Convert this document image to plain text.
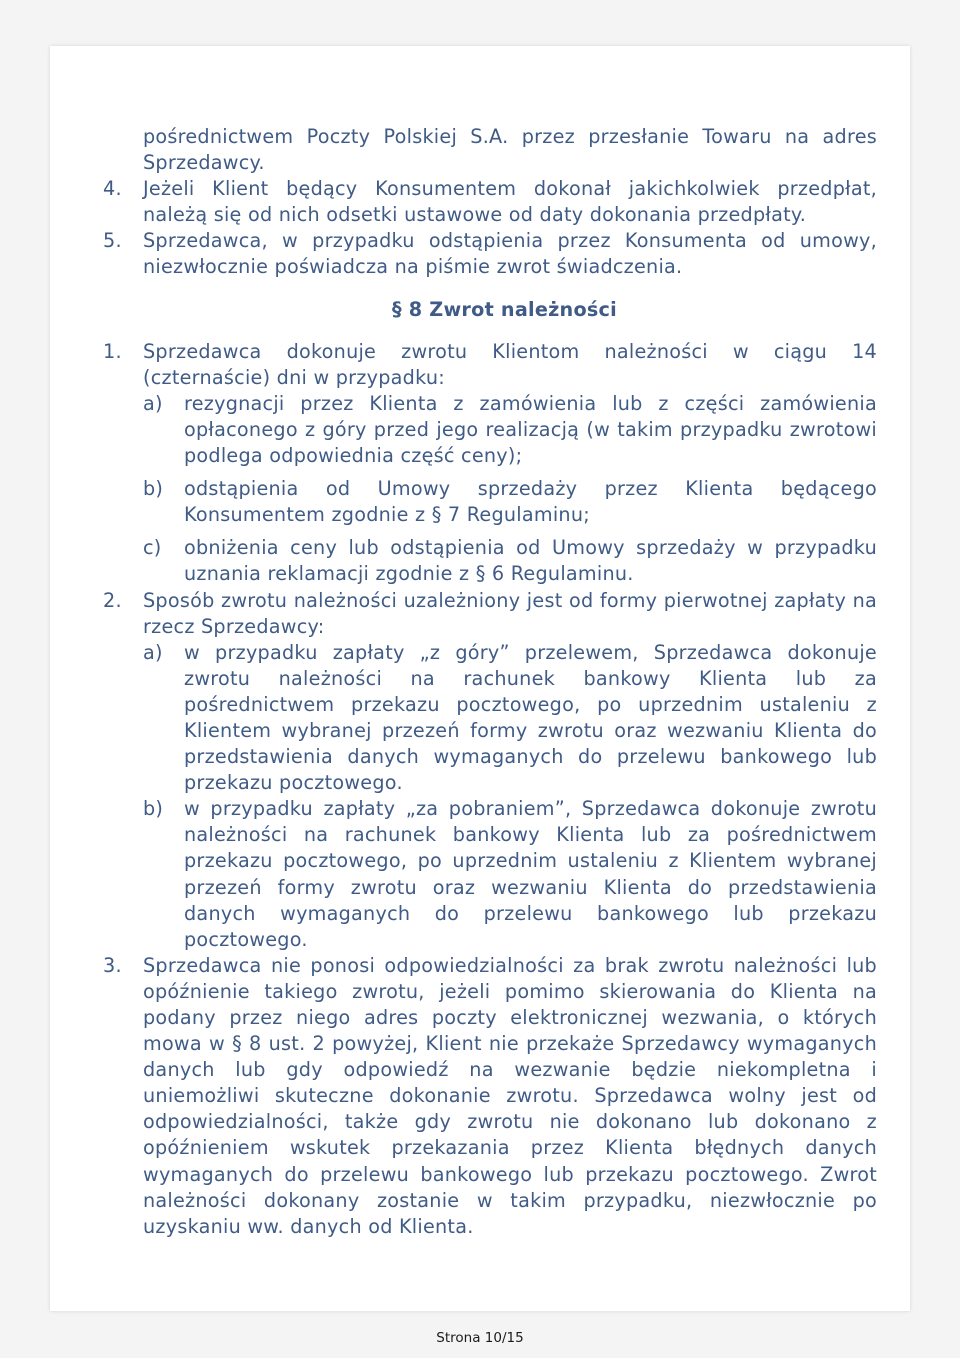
pośrednictwem Poczty Polskiej S.A. przez przesłanie Towaru na adres Sprzedawcy.
4. Jeżeli Klient będący Konsumentem dokonał jakichkolwiek przedpłat, należą się od nich odsetki ustawowe od daty dokonania przedpłaty.
5. Sprzedawca, w przypadku odstąpienia przez Konsumenta od umowy, niezwłocznie poświadcza na piśmie zwrot świadczenia.
§ 8 Zwrot należności
1. Sprzedawca dokonuje zwrotu Klientom należności w ciągu 14 (czternaście) dni w przypadku:
a) rezygnacji przez Klienta z zamówienia lub z części zamówienia opłaconego z góry przed jego realizacją (w takim przypadku zwrotowi podlega odpowiednia część ceny);
b) odstąpienia od Umowy sprzedaży przez Klienta będącego Konsumentem zgodnie z § 7 Regulaminu;
c) obniżenia ceny lub odstąpienia od Umowy sprzedaży w przypadku uznania reklamacji zgodnie z § 6 Regulaminu.
2. Sposób zwrotu należności uzależniony jest od formy pierwotnej zapłaty na rzecz Sprzedawcy:
a) w przypadku zapłaty „z góry” przelewem, Sprzedawca dokonuje zwrotu należności na rachunek bankowy Klienta lub za pośrednictwem przekazu pocztowego, po uprzednim ustaleniu z Klientem wybranej przezeń formy zwrotu oraz wezwaniu Klienta do przedstawienia danych wymaganych do przelewu bankowego lub przekazu pocztowego.
b) w przypadku zapłaty „za pobraniem”, Sprzedawca dokonuje zwrotu należności na rachunek bankowy Klienta lub za pośrednictwem przekazu pocztowego, po uprzednim ustaleniu z Klientem wybranej przezeń formy zwrotu oraz wezwaniu Klienta do przedstawienia danych wymaganych do przelewu bankowego lub przekazu pocztowego.
3. Sprzedawca nie ponosi odpowiedzialności za brak zwrotu należności lub opóźnienie takiego zwrotu, jeżeli pomimo skierowania do Klienta na podany przez niego adres poczty elektronicznej wezwania, o których mowa w § 8 ust. 2 powyżej, Klient nie przekaże Sprzedawcy wymaganych danych lub gdy odpowiedź na wezwanie będzie niekompletna i uniemożliwi skuteczne dokonanie zwrotu. Sprzedawca wolny jest od odpowiedzialności, także gdy zwrotu nie dokonano lub dokonano z opóźnieniem wskutek przekazania przez Klienta błędnych danych wymaganych do przelewu bankowego lub przekazu pocztowego. Zwrot należności dokonany zostanie w takim przypadku, niezwłocznie po uzyskaniu ww. danych od Klienta.
Strona 10/15
